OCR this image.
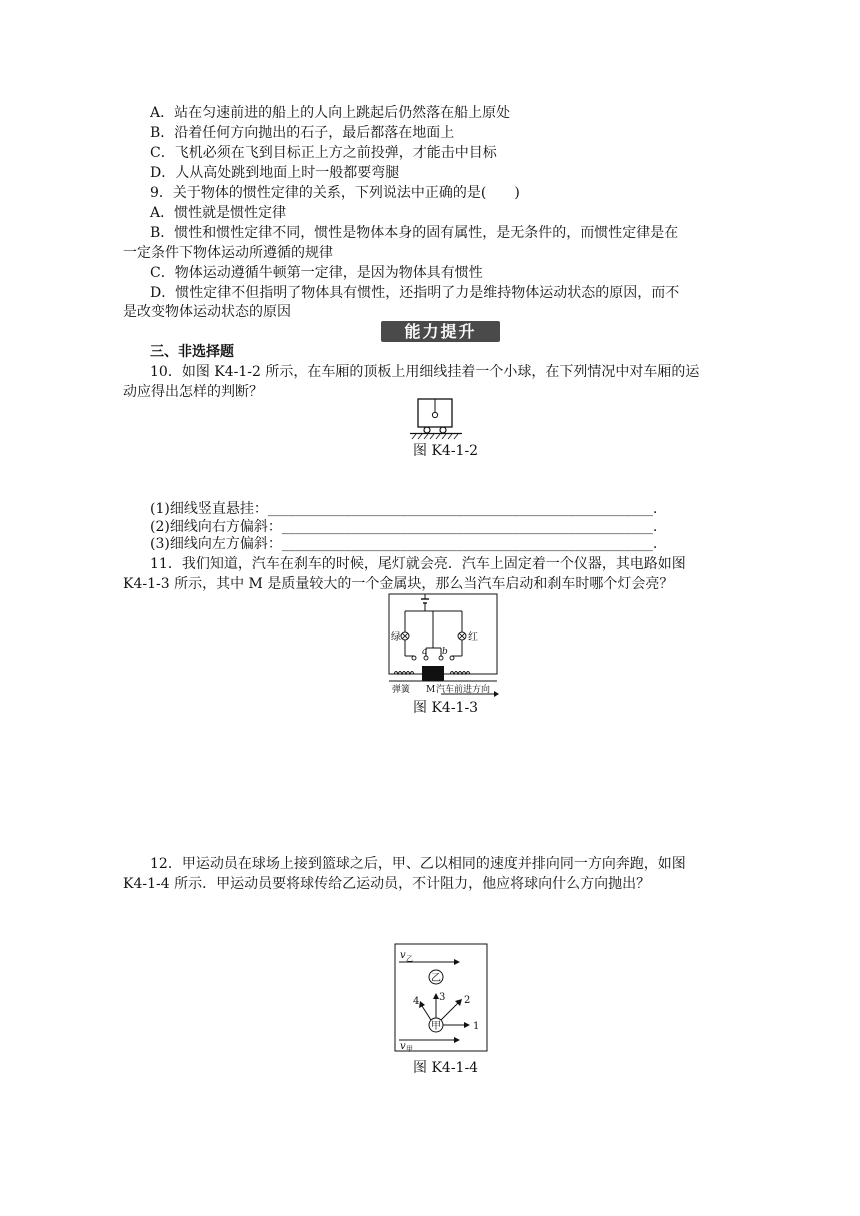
A．站在匀速前进的船上的人向上跳起后仍然落在船上原处
B．沿着任何方向抛出的石子，最后都落在地面上
C．飞机必须在飞到目标正上方之前投弹，才能击中目标
D．人从高处跳到地面上时一般都要弯腿
9．关于物体的惯性定律的关系，下列说法中正确的是(　　)
A．惯性就是惯性定律
B．惯性和惯性定律不同，惯性是物体本身的固有属性，是无条件的，而惯性定律是在
一定条件下物体运动所遵循的规律
C．物体运动遵循牛顿第一定律，是因为物体具有惯性
D．惯性定律不但指明了物体具有惯性，还指明了力是维持物体运动状态的原因，而不
是改变物体运动状态的原因
能力提升
三、非选择题
10．如图 K4-1-2 所示，在车厢的顶板上用细线挂着一个小球，在下列情况中对车厢的运
动应得出怎样的判断？
图 K4-1-2
(1)细线竖直悬挂：_______________________________________________________.
(2)细线向右方偏斜：_____________________________________________________.
(3)细线向左方偏斜：_____________________________________________________.
11．我们知道，汽车在刹车的时候，尾灯就会亮．汽车上固定着一个仪器，其电路如图
K4-1-3 所示，其中 M 是质量较大的一个金属块，那么当汽车启动和刹车时哪个灯会亮？
绿	红
a b
弹簧 M 汽车前进方向
图 K4-1-3
12．甲运动员在球场上接到篮球之后，甲、乙以相同的速度并排向同一方向奔跑，如图
K4-1-4 所示．甲运动员要将球传给乙运动员，不计阻力，他应将球向什么方向抛出？
v 乙
乙
甲	1
2
3
4
v 甲
图 K4-1-4
